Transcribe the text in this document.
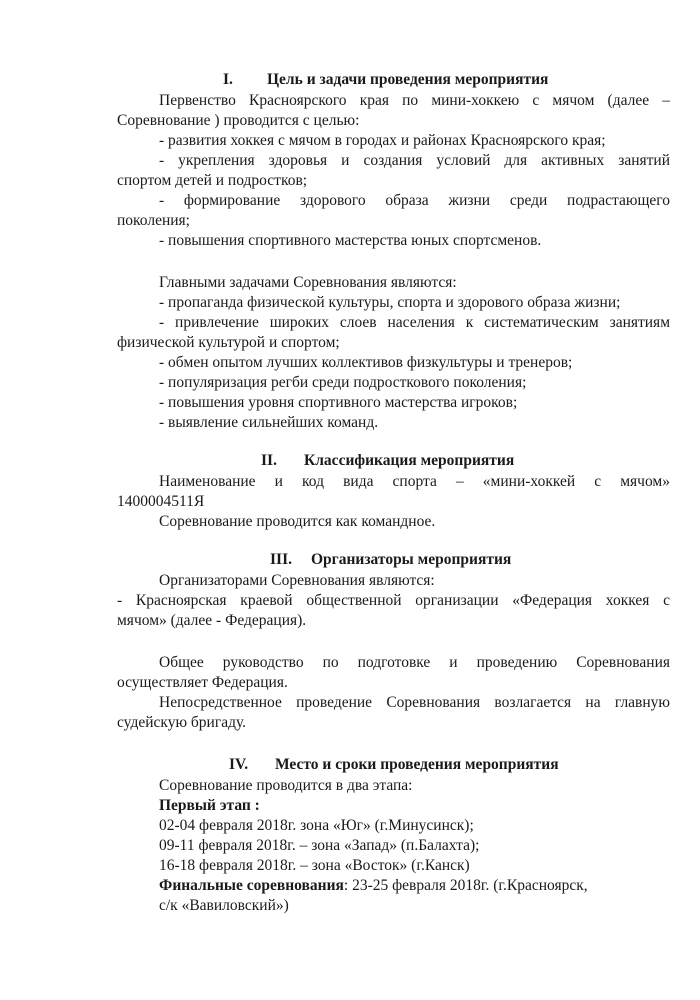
I. Цель и задачи проведения мероприятия

Первенство Красноярского края по мини-хоккею с мячом (далее –

Соревнование ) проводится с целью:

- развития хоккея с мячом в городах и районах Красноярского края;

- укрепления здоровья и создания условий для активных занятий

спортом детей и подростков;

- формирование здорового образа жизни среди подрастающего

поколения;

- повышения спортивного мастерства юных спортсменов.

Главными задачами Соревнования являются:

- пропаганда физической культуры, спорта и здорового образа жизни;

- привлечение широких слоев населения к систематическим занятиям

физической культурой и спортом;

- обмен опытом лучших коллективов физкультуры и тренеров;

- популяризация регби среди подросткового поколения;

- повышения уровня спортивного мастерства игроков;

- выявление сильнейших команд.

II. Классификация мероприятия

Наименование и код вида спорта – «мини-хоккей с мячом»

1400004511Я

Соревнование проводится как командное.

III. Организаторы мероприятия

Организаторами Соревнования являются:

- Красноярская краевой общественной организации «Федерация хоккея с

мячом» (далее - Федерация).

Общее руководство по подготовке и проведению Соревнования

осуществляет Федерация.

Непосредственное проведение Соревнования возлагается на главную

судейскую бригаду.

IV. Место и сроки проведения мероприятия

Соревнование проводится в два этапа:

Первый этап :

02-04 февраля 2018г. зона «Юг» (г.Минусинск);

09-11 февраля 2018г. – зона «Запад» (п.Балахта);

16-18 февраля 2018г. – зона «Восток» (г.Канск)

Финальные соревнования: 23-25 февраля 2018г. (г.Красноярск,

с/к «Вавиловский»)
